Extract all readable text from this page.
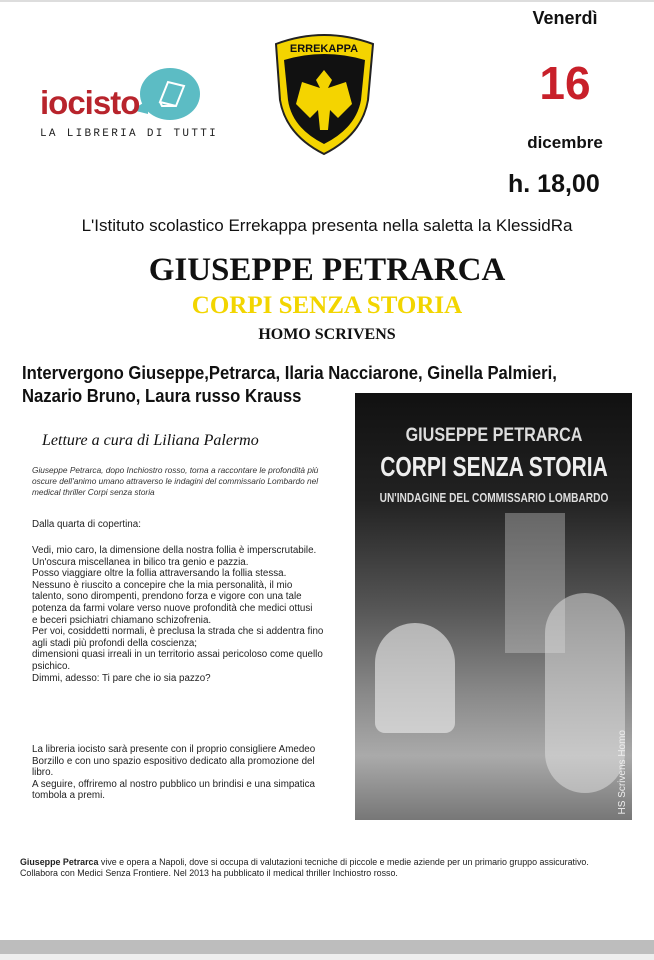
iocisto
LA LIBRERIA DI TUTTI
ERREKAPPA
Venerdì
16
dicembre
h. 18,00
L'Istituto scolastico Errekappa presenta nella saletta la KlessidRa
GIUSEPPE PETRARCA
CORPI SENZA STORIA
HOMO SCRIVENS
Intervergono Giuseppe,Petrarca, Ilaria Nacciarone, Ginella Palmieri,
Nazario Bruno, Laura russo Krauss
GIUSEPPE PETRARCA
CORPI SENZA STORIA
UN'INDAGINE DEL COMMISSARIO LOMBARDO
HS Scrivens Homo
Letture a cura di Liliana Palermo
Giuseppe Petrarca, dopo Inchiostro rosso, torna a raccontare le profondità più oscure dell'animo umano attraverso le indagini del commissario Lombardo nel medical thriller Corpi senza storia
Dalla quarta di copertina:
Vedi, mio caro, la dimensione della nostra follia è imperscrutabile.
Un'oscura miscellanea in bilico tra genio e pazzia.
Posso viaggiare oltre la follia attraversando la follia stessa.
Nessuno è riuscito a concepire che la mia personalità, il mio
talento, sono dirompenti, prendono forza e vigore con una tale
potenza da farmi volare verso nuove profondità che medici ottusi
e beceri psichiatri chiamano schizofrenia.
Per voi, cosiddetti normali, è preclusa la strada che si addentra fino
agli stadi più profondi della coscienza;
dimensioni quasi irreali in un territorio assai pericoloso come quello
psichico.
Dimmi, adesso: Ti pare che io sia pazzo?
La libreria iocisto sarà presente con il proprio consigliere Amedeo
Borzillo e con uno spazio espositivo dedicato alla promozione del
libro.
A seguire, offriremo al nostro pubblico un brindisi e una simpatica
tombola a premi.
Giuseppe Petrarca vive e opera a Napoli, dove si occupa di valutazioni tecniche di piccole e medie aziende per un primario gruppo assicurativo.
Collabora con Medici Senza Frontiere. Nel 2013 ha pubblicato il medical thriller Inchiostro rosso.
